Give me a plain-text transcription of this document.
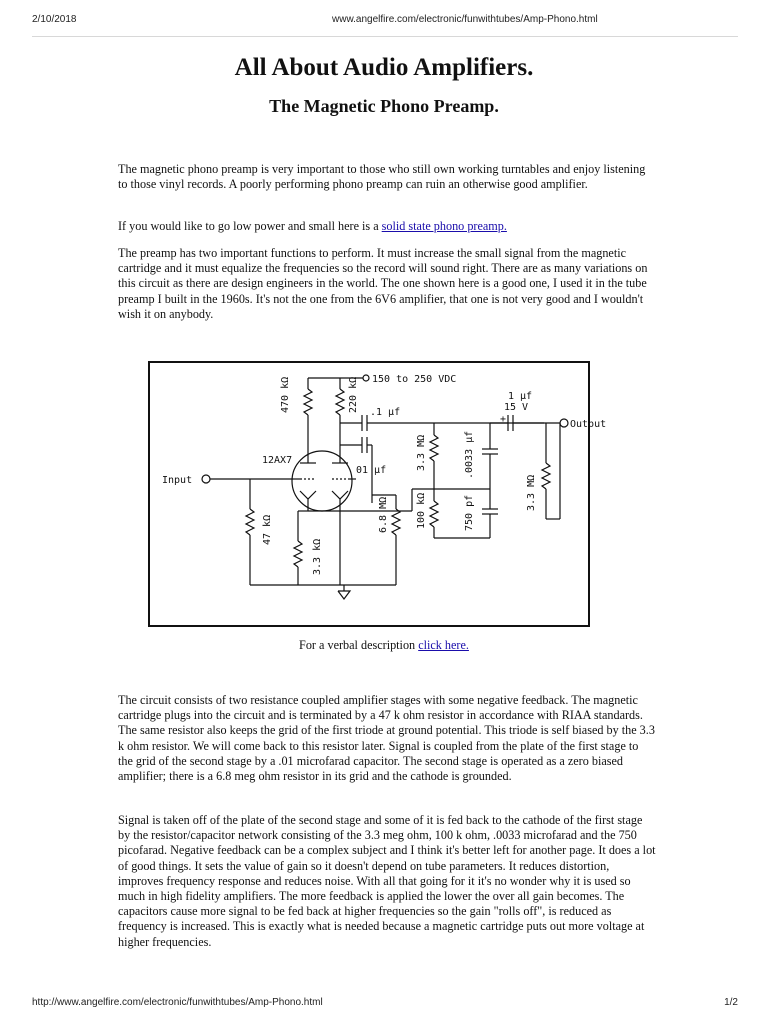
2/10/2018	www.angelfire.com/electronic/funwithtubes/Amp-Phono.html
All About Audio Amplifiers.
The Magnetic Phono Preamp.

The magnetic phono preamp is very important to those who still own working turntables and enjoy listening to those vinyl records. A poorly performing phono preamp can ruin an otherwise good amplifier.

If you would like to go low power and small here is a solid state phono preamp.

The preamp has two important functions to perform. It must increase the small signal from the magnetic cartridge and it must equalize the frequencies so the record will sound right. There are as many variations on this circuit as there are design engineers in the world. The one shown here is a good one, I used it in the tube preamp I built in the 1960s. It's not the one from the 6V6 amplifier, that one is not very good and I wouldn't wish it on anybody.

150 to 250 VDC
470 kΩ	220 kΩ .1 µf
1 µf
15 V
+	Output
12AX7
01 µf	3.3 MΩ	.0033 µf
Input
6.8 MΩ	100 kΩ	750 pf
3.3 MΩ
47 kΩ
3.3 kΩ

For a verbal description click here.

The circuit consists of two resistance coupled amplifier stages with some negative feedback. The magnetic cartridge plugs into the circuit and is terminated by a 47 k ohm resistor in accordance with RIAA standards. The same resistor also keeps the grid of the first triode at ground potential. This triode is self biased by the 3.3 k ohm resistor. We will come back to this resistor later. Signal is coupled from the plate of the first stage to the grid of the second stage by a .01 microfarad capacitor. The second stage is operated as a zero biased amplifier; there is a 6.8 meg ohm resistor in its grid and the cathode is grounded.

Signal is taken off of the plate of the second stage and some of it is fed back to the cathode of the first stage by the resistor/capacitor network consisting of the 3.3 meg ohm, 100 k ohm, .0033 microfarad and the 750 picofarad. Negative feedback can be a complex subject and I think it's better left for another page. It does a lot of good things. It sets the value of gain so it doesn't depend on tube parameters. It reduces distortion, improves frequency response and reduces noise. With all that going for it it's no wonder why it is used so much in high fidelity amplifiers. The more feedback is applied the lower the over all gain becomes. The capacitors cause more signal to be fed back at higher frequencies so the gain "rolls off", is reduced as frequency is increased. This is exactly what is needed because a magnetic cartridge puts out more voltage at higher frequencies.

http://www.angelfire.com/electronic/funwithtubes/Amp-Phono.html	1/2
